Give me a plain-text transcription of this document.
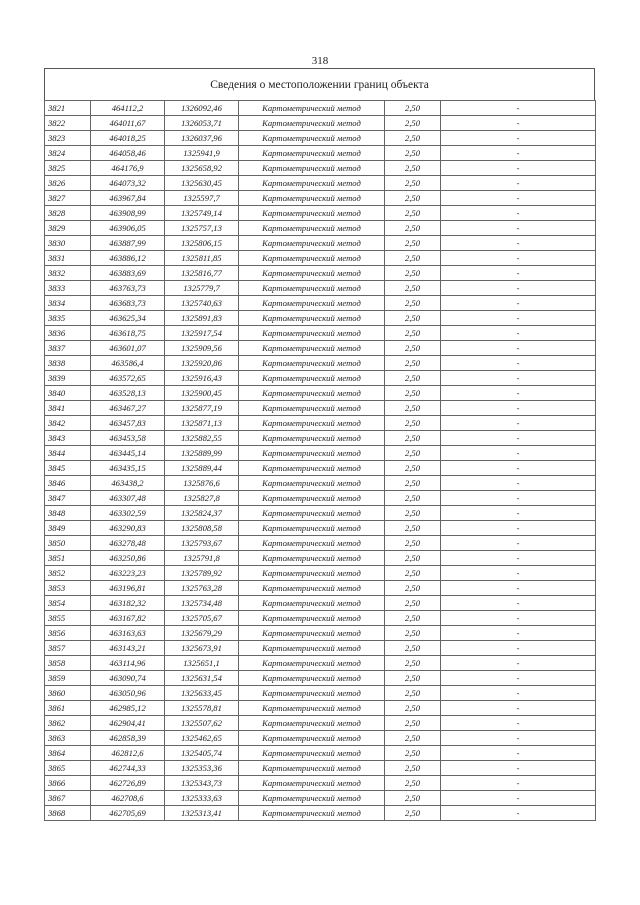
318
Сведения о местоположении границ объекта
3821	464112,2	1326092,46	Картометрический метод	2,50	-
3822	464011,67	1326053,71	Картометрический метод	2,50	-
3823	464018,25	1326037,96	Картометрический метод	2,50	-
3824	464058,46	1325941,9	Картометрический метод	2,50	-
3825	464176,9	1325658,92	Картометрический метод	2,50	-
3826	464073,32	1325630,45	Картометрический метод	2,50	-
3827	463967,84	1325597,7	Картометрический метод	2,50	-
3828	463908,99	1325749,14	Картометрический метод	2,50	-
3829	463906,05	1325757,13	Картометрический метод	2,50	-
3830	463887,99	1325806,15	Картометрический метод	2,50	-
3831	463886,12	1325811,85	Картометрический метод	2,50	-
3832	463883,69	1325816,77	Картометрический метод	2,50	-
3833	463763,73	1325779,7	Картометрический метод	2,50	-
3834	463683,73	1325740,63	Картометрический метод	2,50	-
3835	463625,34	1325891,83	Картометрический метод	2,50	-
3836	463618,75	1325917,54	Картометрический метод	2,50	-
3837	463601,07	1325909,56	Картометрический метод	2,50	-
3838	463586,4	1325920,86	Картометрический метод	2,50	-
3839	463572,65	1325916,43	Картометрический метод	2,50	-
3840	463528,13	1325900,45	Картометрический метод	2,50	-
3841	463467,27	1325877,19	Картометрический метод	2,50	-
3842	463457,83	1325871,13	Картометрический метод	2,50	-
3843	463453,58	1325882,55	Картометрический метод	2,50	-
3844	463445,14	1325889,99	Картометрический метод	2,50	-
3845	463435,15	1325889,44	Картометрический метод	2,50	-
3846	463438,2	1325876,6	Картометрический метод	2,50	-
3847	463307,48	1325827,8	Картометрический метод	2,50	-
3848	463302,59	1325824,37	Картометрический метод	2,50	-
3849	463290,83	1325808,58	Картометрический метод	2,50	-
3850	463278,48	1325793,67	Картометрический метод	2,50	-
3851	463250,86	1325791,8	Картометрический метод	2,50	-
3852	463223,23	1325789,92	Картометрический метод	2,50	-
3853	463196,81	1325763,28	Картометрический метод	2,50	-
3854	463182,32	1325734,48	Картометрический метод	2,50	-
3855	463167,82	1325705,67	Картометрический метод	2,50	-
3856	463163,63	1325679,29	Картометрический метод	2,50	-
3857	463143,21	1325673,91	Картометрический метод	2,50	-
3858	463114,96	1325651,1	Картометрический метод	2,50	-
3859	463090,74	1325631,54	Картометрический метод	2,50	-
3860	463050,96	1325633,45	Картометрический метод	2,50	-
3861	462985,12	1325578,81	Картометрический метод	2,50	-
3862	462904,41	1325507,62	Картометрический метод	2,50	-
3863	462858,39	1325462,65	Картометрический метод	2,50	-
3864	462812,6	1325405,74	Картометрический метод	2,50	-
3865	462744,33	1325353,36	Картометрический метод	2,50	-
3866	462726,89	1325343,73	Картометрический метод	2,50	-
3867	462708,6	1325333,63	Картометрический метод	2,50	-
3868	462705,69	1325313,41	Картометрический метод	2,50	-
